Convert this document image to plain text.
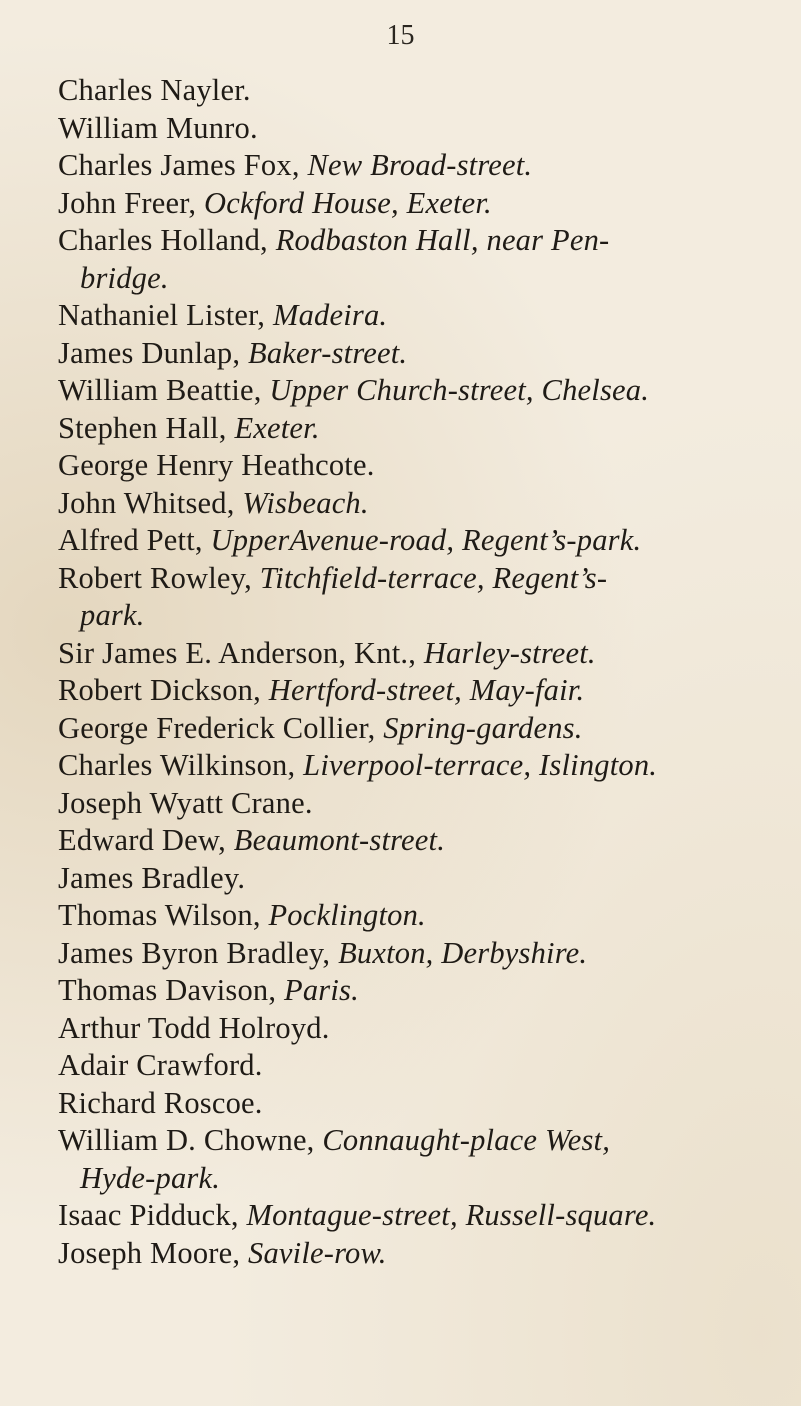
15
Charles Nayler.
William Munro.
Charles James Fox, New Broad-street.
John Freer, Ockford House, Exeter.
Charles Holland, Rodbaston Hall, near Pen-
bridge.
Nathaniel Lister, Madeira.
James Dunlap, Baker-street.
William Beattie, Upper Church-street, Chelsea.
Stephen Hall, Exeter.
George Henry Heathcote.
John Whitsed, Wisbeach.
Alfred Pett, UpperAvenue-road, Regent’s-park.
Robert Rowley, Titchfield-terrace, Regent’s-
park.
Sir James E. Anderson, Knt., Harley-street.
Robert Dickson, Hertford-street, May-fair.
George Frederick Collier, Spring-gardens.
Charles Wilkinson, Liverpool-terrace, Islington.
Joseph Wyatt Crane.
Edward Dew, Beaumont-street.
James Bradley.
Thomas Wilson, Pocklington.
James Byron Bradley, Buxton, Derbyshire.
Thomas Davison, Paris.
Arthur Todd Holroyd.
Adair Crawford.
Richard Roscoe.
William D. Chowne, Connaught-place West,
Hyde-park.
Isaac Pidduck, Montague-street, Russell-square.
Joseph Moore, Savile-row.
